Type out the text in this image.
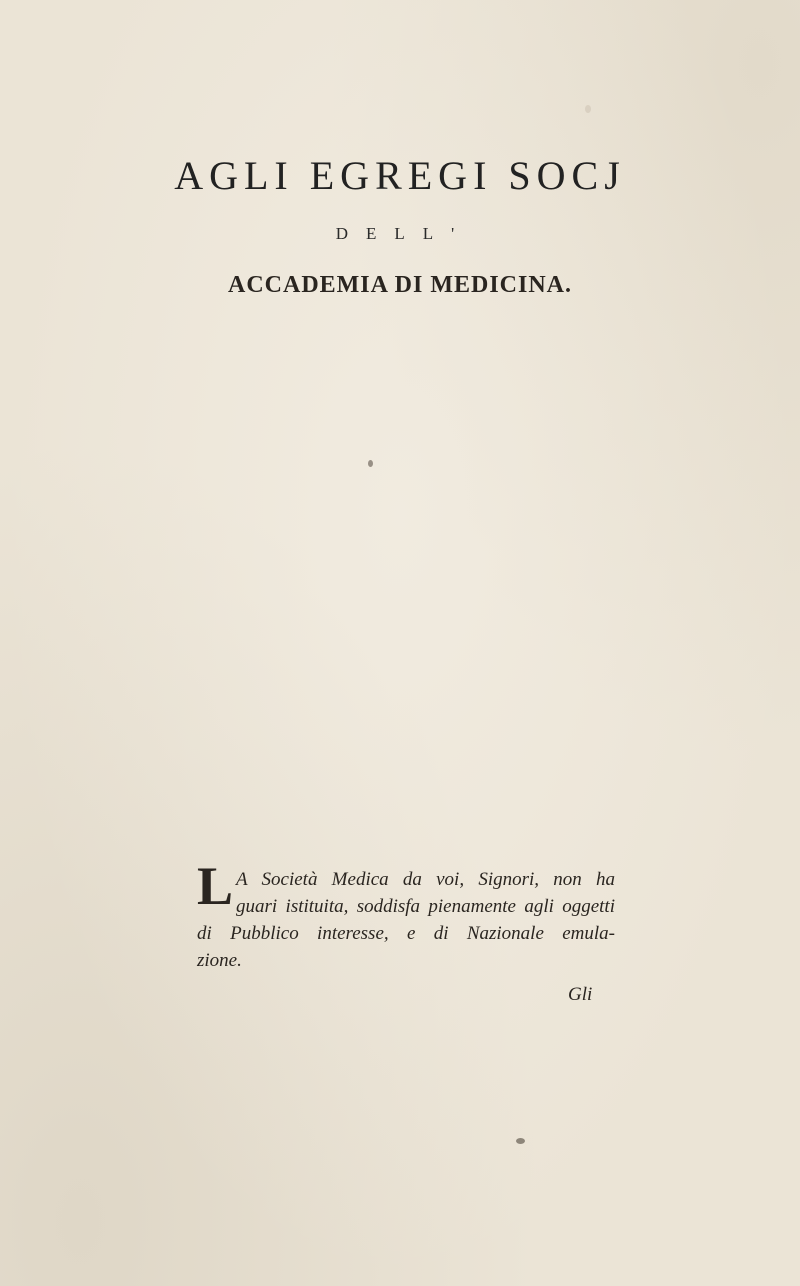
AGLI EGREGI SOCJ
DELL'
ACCADEMIA DI MEDICINA.
L A Società Medica da voi, Signori, non ha
guari istituita, soddisfa pienamente agli oggetti
di Pubblico interesse, e di Nazionale emula-
zione.
Gli
